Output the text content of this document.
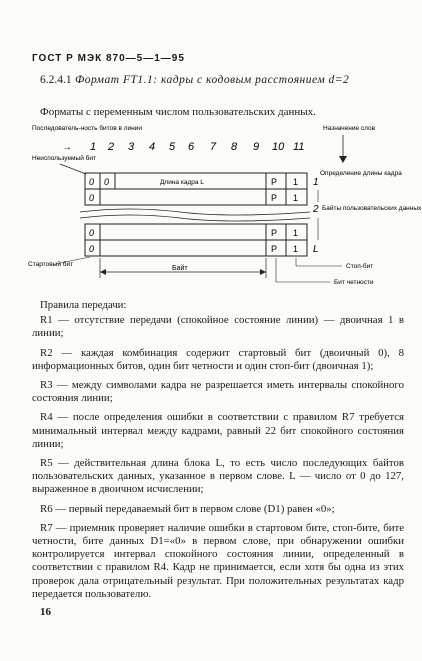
ГОСТ Р МЭК 870—5—1—95
6.2.4.1 Формат FT1.1: кадры с кодовым расстоянием d=2
Форматы с переменным числом пользовательских данных.
Последователь-ность битов в линии
→
Неиспользуемый бит
1 2 3 4 5 6 7 8 9 10 11
Назначение слов
Определение длины кадра
Байты пользовательских данных
0 0	Длина кадра L	P 1
0	P 1
0	P 1
0	P 1
1
2
L
Стартовый бит
Байт	Стоп-бит
Бит четности

Правила передачи:

R1 — отсутствие передачи (спокойное состояние линии) — двоичная 1 в линии;

R2 — каждая комбинация содержит стартовый бит (двоичный 0), 8 информационных битов, один бит четности и один стоп-бит (двоичная 1);

R3 — между символами кадра не разрешается иметь интервалы спокойного состояния линии;

R4 — после определения ошибки в соответствии с правилом R7 требуется минимальный интервал между кадрами, равный 22 бит спокойного состояния линии;

R5 — действительная длина блока L, то есть число последующих байтов пользовательских данных, указанное в первом слове. L — число от 0 до 127, выраженное в двоичном исчислении;

R6 — первый передаваемый бит в первом слове (D1) равен «0»;

R7 — приемник проверяет наличие ошибки в стартовом бите, стоп-бите, бите четности, бите данных D1=«0» в первом слове, при обнаружении ошибки контролируется интервал спокойного состояния линии, определенный в соответствии с правилом R4. Кадр не принимается, если хотя бы одна из этих проверок дала отрицательный результат. При положительных результатах кадр передается пользователю.

16
